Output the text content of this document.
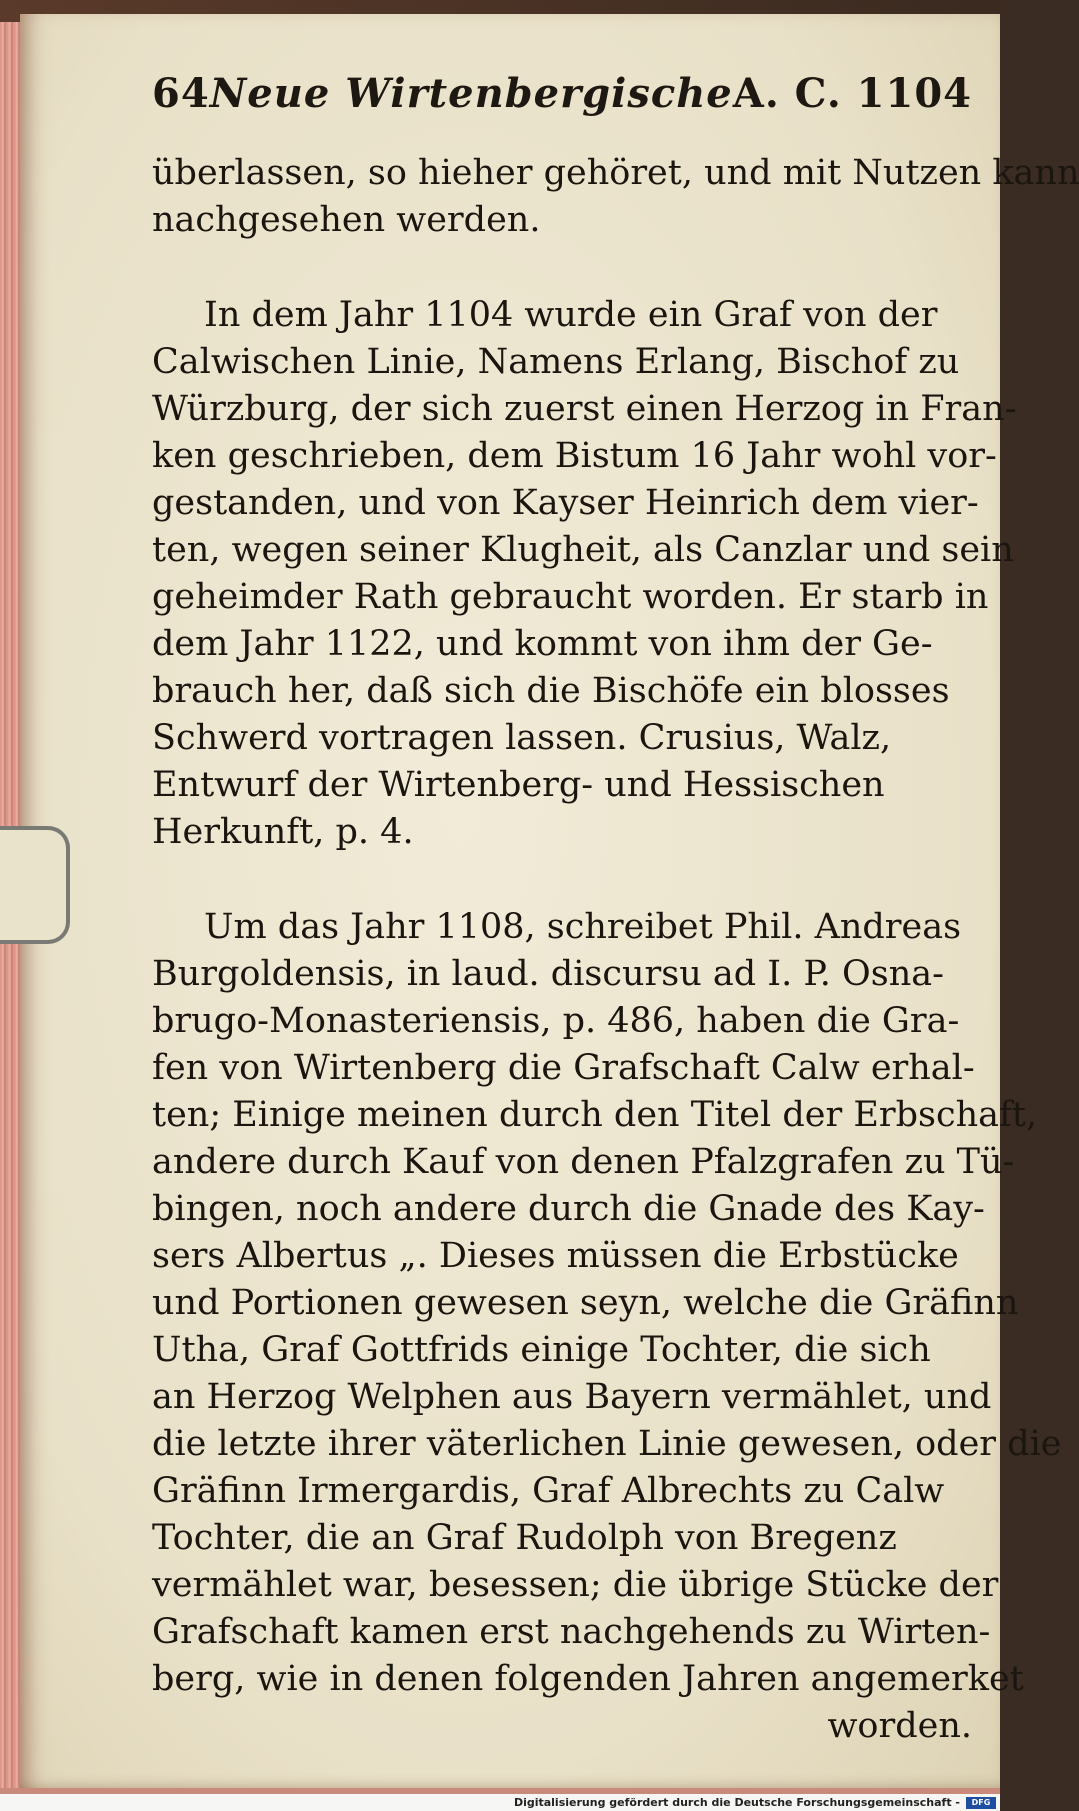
64 Neue Wirtenbergische A. C. 1104
überlassen, so hieher gehöret, und mit Nutzen kann
nachgesehen werden.
In dem Jahr 1104 wurde ein Graf von der
Calwischen Linie, Namens Erlang, Bischof zu
Würzburg, der sich zuerst einen Herzog in Fran-
ken geschrieben, dem Bistum 16 Jahr wohl vor-
gestanden, und von Kayser Heinrich dem vier-
ten, wegen seiner Klugheit, als Canzlar und sein
geheimder Rath gebraucht worden. Er starb in
dem Jahr 1122, und kommt von ihm der Ge-
brauch her, daß sich die Bischöfe ein blosses
Schwerd vortragen lassen. Crusius, Walz,
Entwurf der Wirtenberg- und Hessischen
Herkunft, p. 4.
Um das Jahr 1108, schreibet Phil. Andreas
Burgoldensis, in laud. discursu ad I. P. Osna-
brugo-Monasteriensis, p. 486, haben die Gra-
fen von Wirtenberg die Grafschaft Calw erhal-
ten; Einige meinen durch den Titel der Erbschaft,
andere durch Kauf von denen Pfalzgrafen zu Tü-
bingen, noch andere durch die Gnade des Kay-
sers Albertus „. Dieses müssen die Erbstücke
und Portionen gewesen seyn, welche die Gräfinn
Utha, Graf Gottfrids einige Tochter, die sich
an Herzog Welphen aus Bayern vermählet, und
die letzte ihrer väterlichen Linie gewesen, oder die
Gräfinn Irmergardis, Graf Albrechts zu Calw
Tochter, die an Graf Rudolph von Bregenz
vermählet war, besessen; die übrige Stücke der
Grafschaft kamen erst nachgehends zu Wirten-
berg, wie in denen folgenden Jahren angemerket
worden.
Digitalisierung gefördert durch die Deutsche Forschungsgemeinschaft -	DFG
